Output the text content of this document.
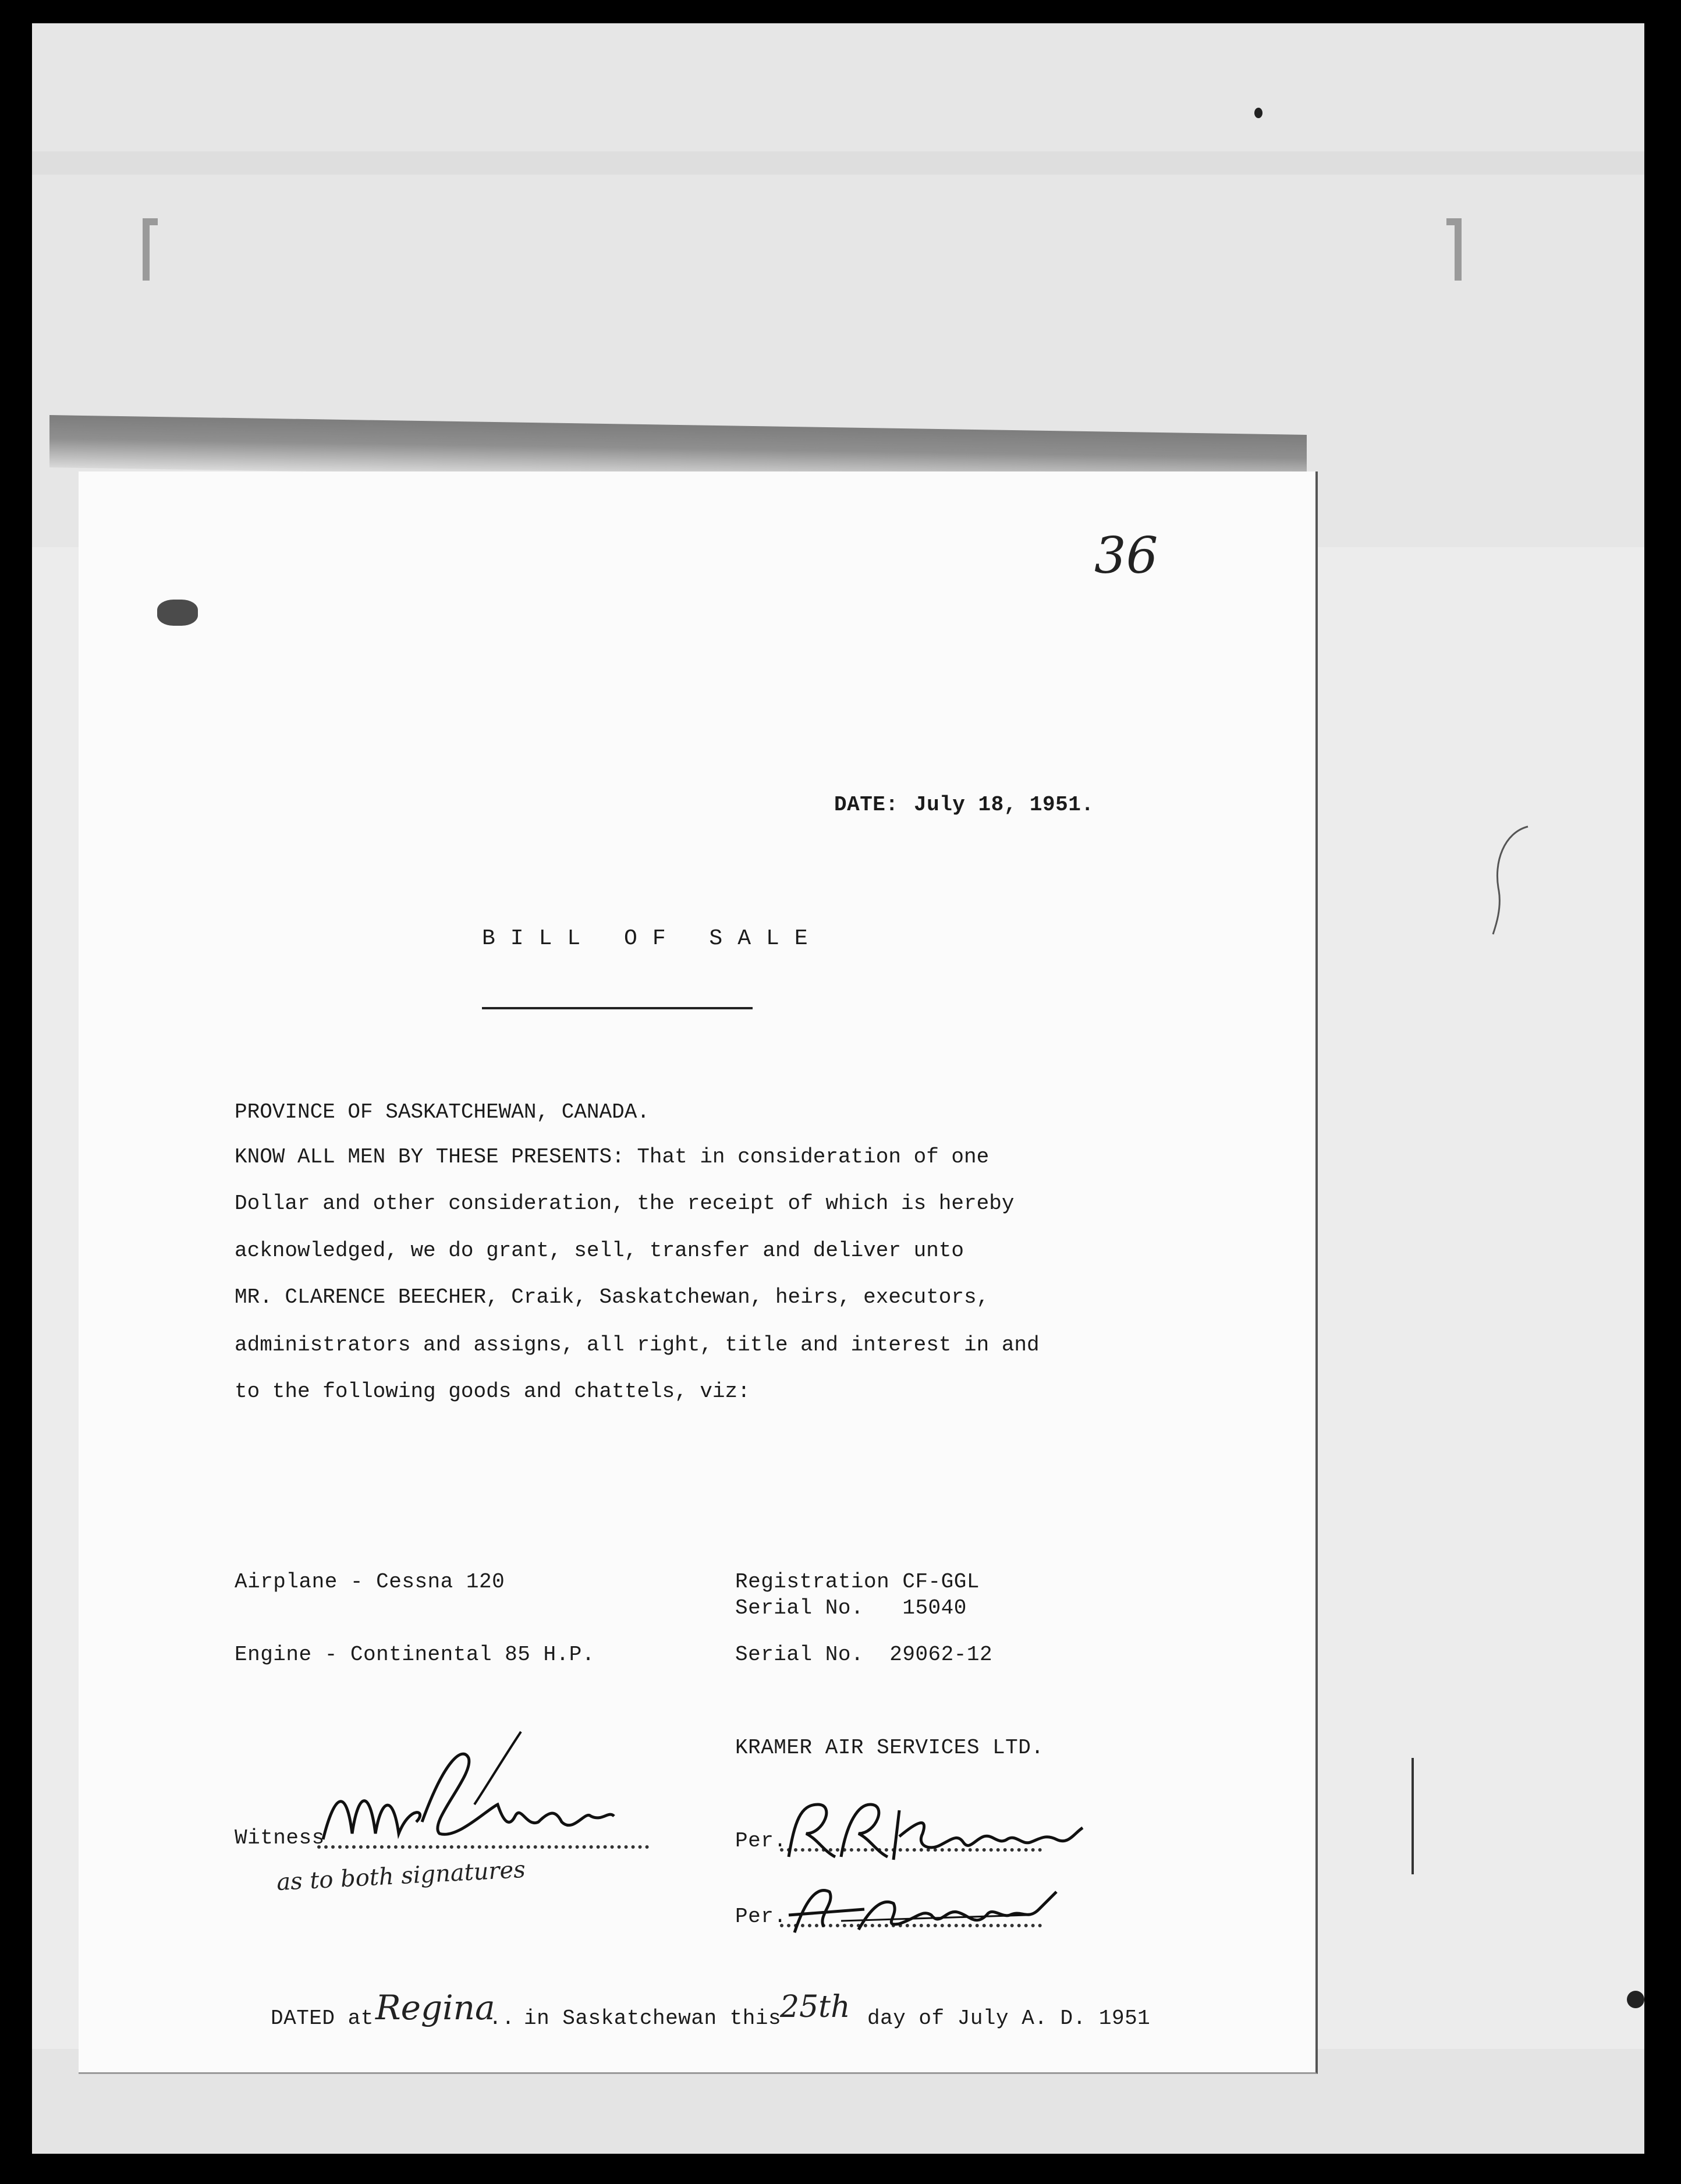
36
DATE: July 18, 1951.
BILL OF SALE
PROVINCE OF SASKATCHEWAN, CANADA.
KNOW ALL MEN BY THESE PRESENTS: That in consideration of one
Dollar and other consideration, the receipt of which is hereby
acknowledged, we do grant, sell, transfer and deliver unto
MR. CLARENCE BEECHER, Craik, Saskatchewan, heirs, executors,
administrators and assigns, all right, title and interest in and
to the following goods and chattels, viz:
Airplane - Cessna 120	Registration CF-GGL
Serial No.   15040
Engine - Continental 85 H.P.	Serial No.  29062-12
KRAMER AIR SERVICES LTD.
Witness
as to both signatures
Per.
Per.
DATED at Regina
.. in Saskatchewan this
25th day of July A. D. 1951
